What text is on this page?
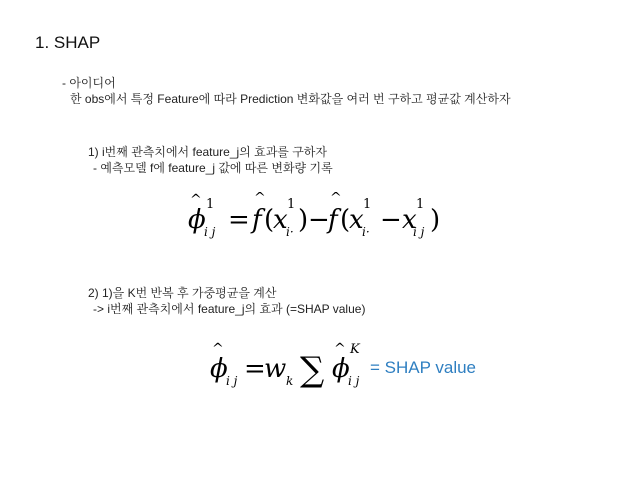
1. SHAP
- 아이디어
한 obs에서 특정 Feature에 따라 Prediction 변화값을 여러 번 구하고 평균값 계산하자
1) i번째 관측치에서 feature_j의 효과를 구하자
- 예측모델 f에 feature_j 값에 따른 변화량 기록
^
ϕ
1
i j =
^
f (
x
1
i· ) −
^
f (
x
1
i· − x
1
i j )
2) 1)을 K번 반복 후 가중평균을 계산
-> i번째 관측치에서 feature_j의 효과 (=SHAP value)
^
ϕ
i j =
w k ∑
^
ϕ
K
i j
= SHAP value
